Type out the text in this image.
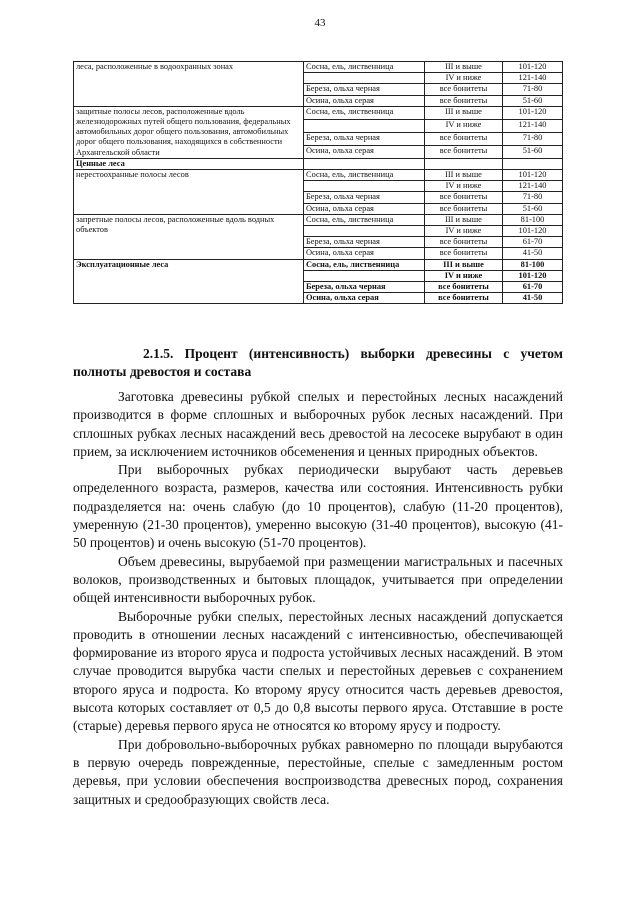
43
леса, расположенные в водоохранных зонах	Сосна, ель, лиственница	III и выше	101-120
		IV и ниже	121-140
	Береза, ольха черная	все бонитеты	71-80
	Осина, ольха серая	все бонитеты	51-60
защитные полосы лесов, расположенные вдоль железнодорожных путей общего пользования, федеральных автомобильных дорог общего пользования, автомобильных дорог общего пользования, находящихся в собственности Архангельской области	Сосна, ель, лиственница	III и выше	101-120
		IV и ниже	121-140
	Береза, ольха черная	все бонитеты	71-80
	Осина, ольха серая	все бонитеты	51-60
Ценные леса			
нерестоохранные полосы лесов	Сосна, ель, лиственница	III и выше	101-120
		IV и ниже	121-140
	Береза, ольха черная	все бонитеты	71-80
	Осина, ольха серая	все бонитеты	51-60
запретные полосы лесов, расположенные вдоль водных объектов	Сосна, ель, лиственница	III и выше	81-100
		IV и ниже	101-120
	Береза, ольха черная	все бонитеты	61-70
	Осина, ольха серая	все бонитеты	41-50
Эксплуатационные леса	Сосна, ель, лиственница	III и выше	81-100
		IV и ниже	101-120
	Береза, ольха черная	все бонитеты	61-70
	Осина, ольха серая	все бонитеты	41-50
2.1.5. Процент (интенсивность) выборки древесины с учетом
полноты древостоя и состава

Заготовка древесины рубкой спелых и перестойных лесных насаждений производится в форме сплошных и выборочных рубок лесных насаждений. При сплошных рубках лесных насаждений весь древостой на лесосеке вырубают в один прием, за исключением источников обсеменения и ценных природных объектов.

При выборочных рубках периодически вырубают часть деревьев определенного возраста, размеров, качества или состояния. Интенсивность рубки подразделяется на: очень слабую (до 10 процентов), слабую (11-20 процентов), умеренную (21-30 процентов), умеренно высокую (31-40 процентов), высокую (41-50 процентов) и очень высокую (51-70 процентов).

Объем древесины, вырубаемой при размещении магистральных и пасечных волоков, производственных и бытовых площадок, учитывается при определении общей интенсивности выборочных рубок.

Выборочные рубки спелых, перестойных лесных насаждений допускается проводить в отношении лесных насаждений с интенсивностью, обеспечивающей формирование из второго яруса и подроста устойчивых лесных насаждений. В этом случае проводится вырубка части спелых и перестойных деревьев с сохранением второго яруса и подроста. Ко второму ярусу относится часть деревьев древостоя, высота которых составляет от 0,5 до 0,8 высоты первого яруса. Отставшие в росте (старые) деревья первого яруса не относятся ко второму ярусу и подросту.

При добровольно-выборочных рубках равномерно по площади вырубаются в первую очередь поврежденные, перестойные, спелые с замедленным ростом деревья, при условии обеспечения воспроизводства древесных пород, сохранения защитных и средообразующих свойств леса.
